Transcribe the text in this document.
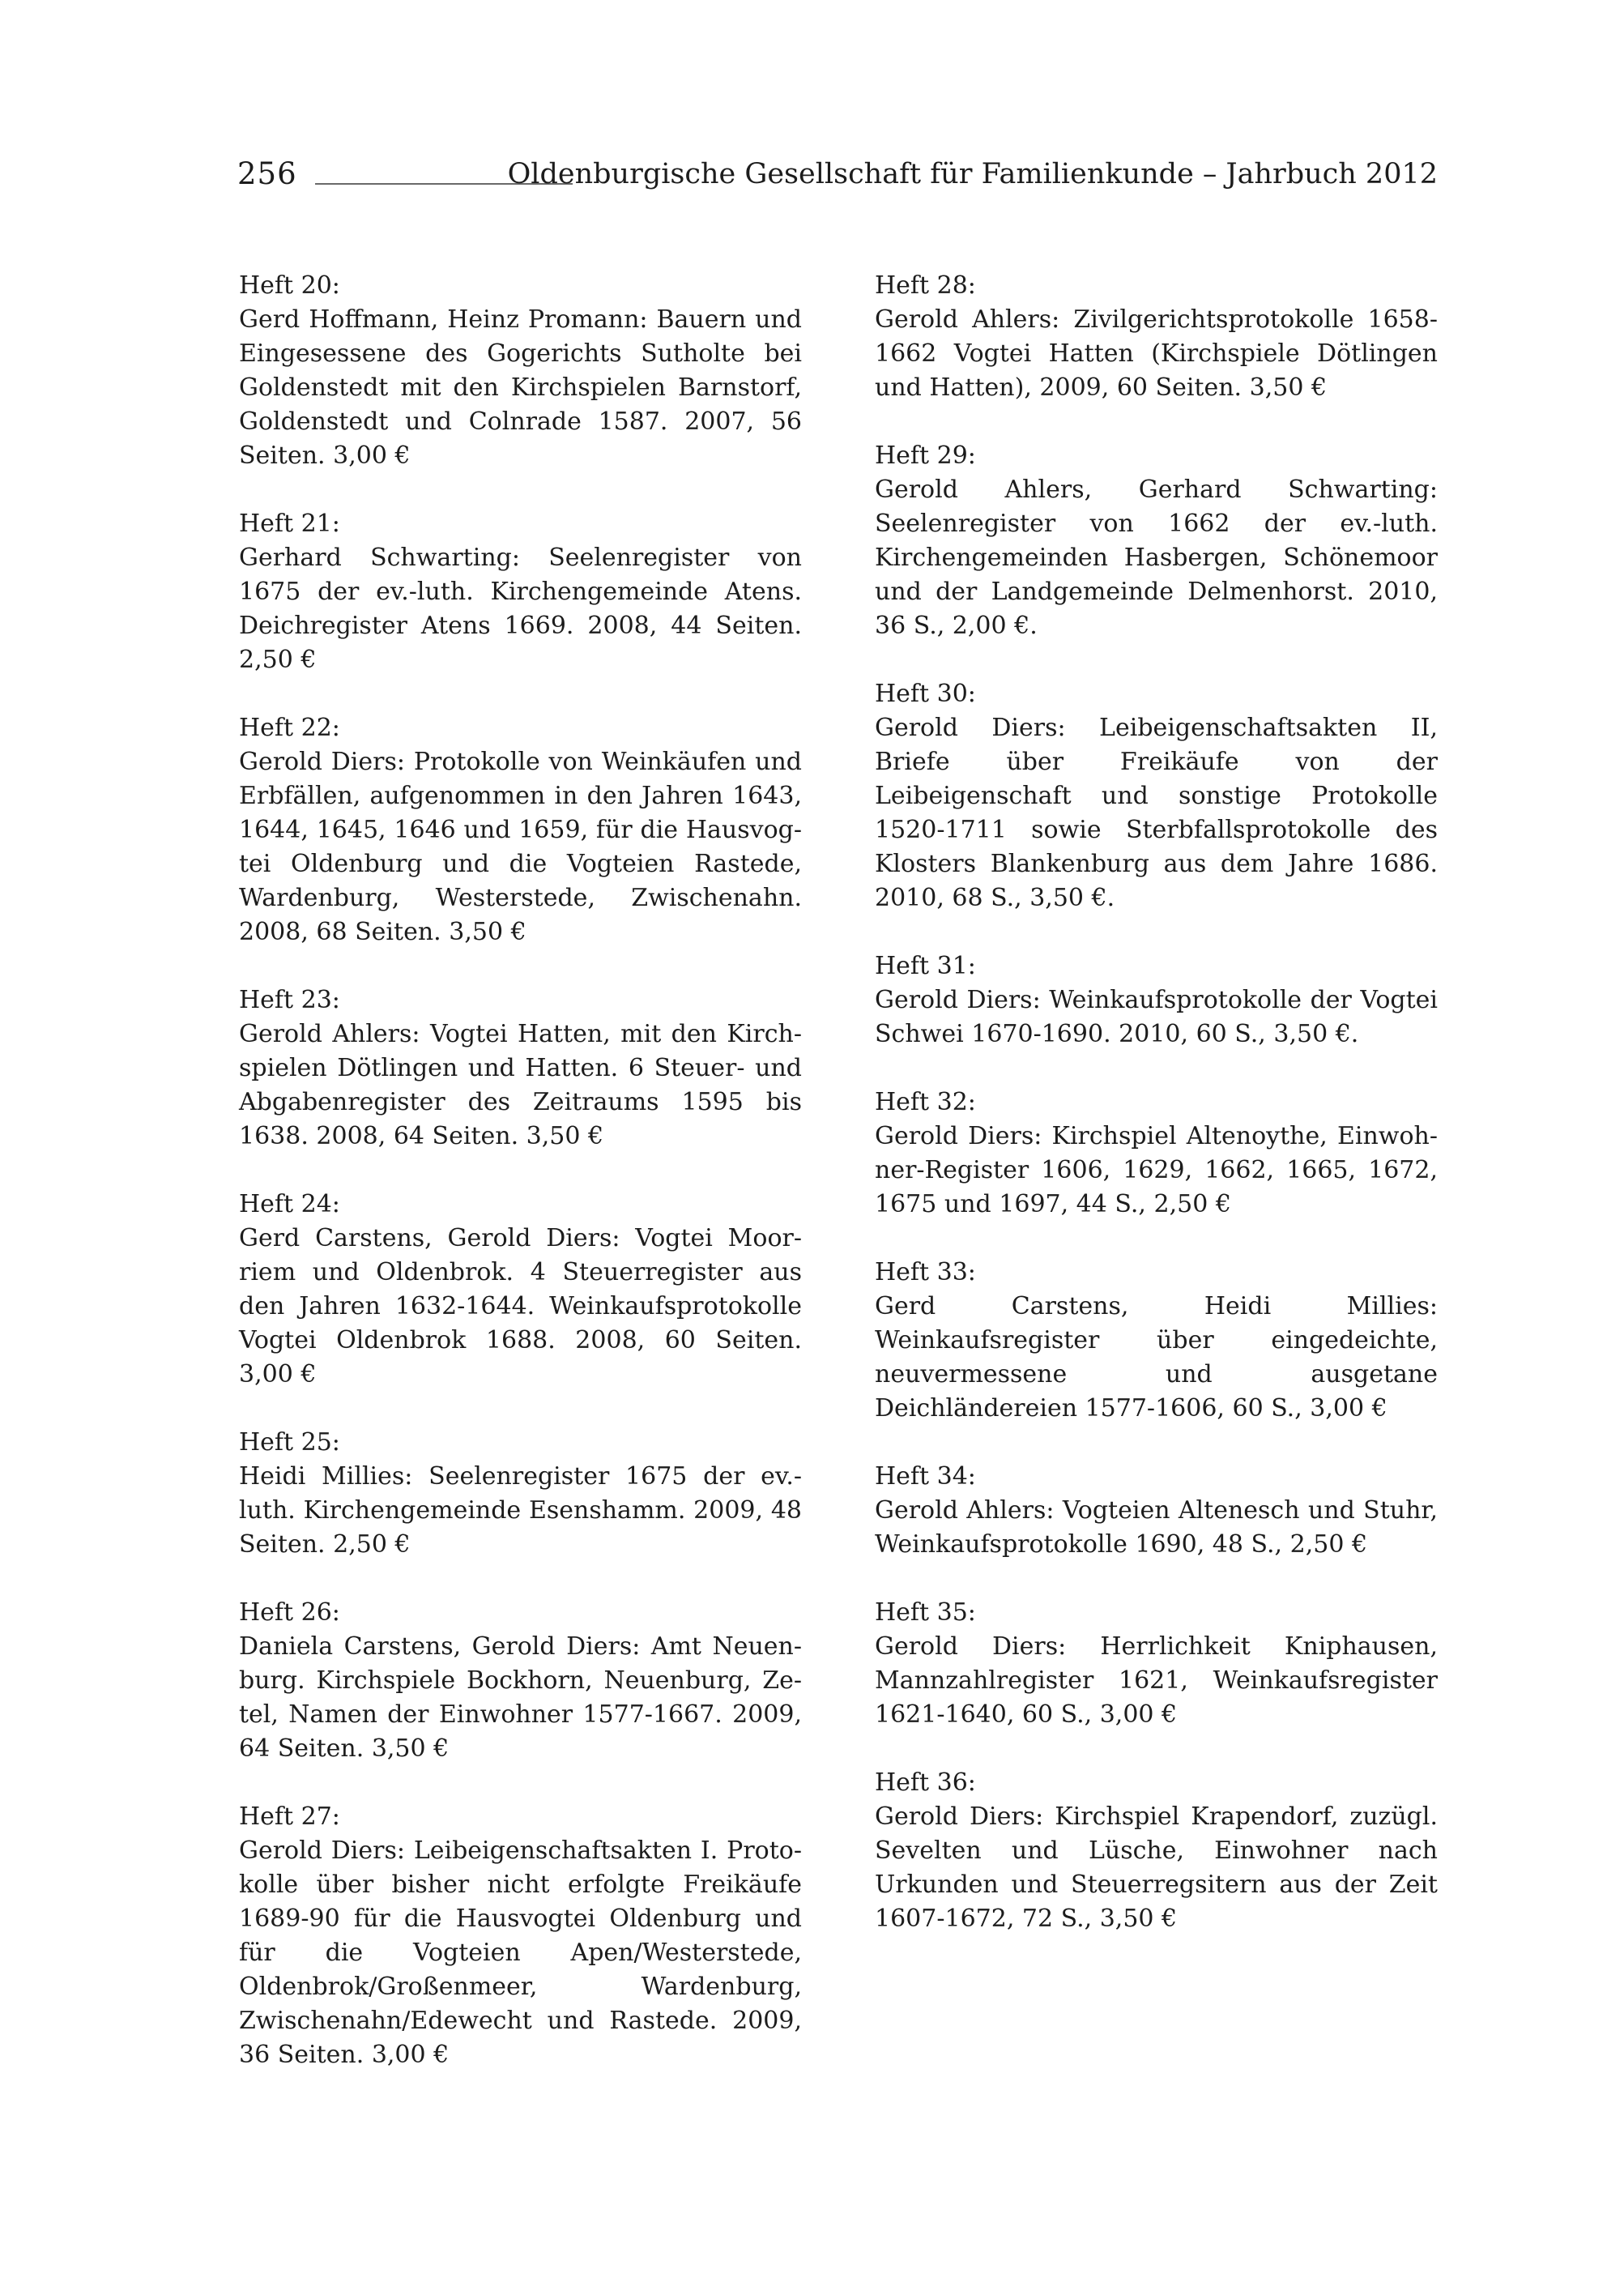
256	Oldenburgische Gesellschaft für Familienkunde – Jahrbuch 2012
Heft 20:
Gerd Hoffmann, Heinz Promann: Bauern und Eingesessene des Gogerichts Sutholte bei Goldenstedt mit den Kirchspielen Barnstorf, Goldenstedt und Colnrade 1587. 2007, 56 Seiten. 3,00 €
Heft 21:
Gerhard Schwarting: Seelenregister von 1675 der ev.-luth. Kirchengemeinde Atens. Deichregister Atens 1669. 2008, 44 Seiten. 2,50 €
Heft 22:
Gerold Diers: Protokolle von Weinkäufen und Erbfällen, aufgenommen in den Jahren 1643, 1644, 1645, 1646 und 1659, für die Hausvogtei Oldenburg und die Vogteien Rastede, Wardenburg, Westerstede, Zwischenahn. 2008, 68 Seiten. 3,50 €
Heft 23:
Gerold Ahlers: Vogtei Hatten, mit den Kirchspielen Dötlingen und Hatten. 6 Steuer- und Abgabenregister des Zeitraums 1595 bis 1638. 2008, 64 Seiten. 3,50 €
Heft 24:
Gerd Carstens, Gerold Diers: Vogtei Moorriem und Oldenbrok. 4 Steuerregister aus den Jahren 1632-1644. Weinkaufsprotokolle Vogtei Oldenbrok 1688. 2008, 60 Seiten. 3,00 €
Heft 25:
Heidi Millies: Seelenregister 1675 der ev.-luth. Kirchengemeinde Esenshamm. 2009, 48 Seiten. 2,50 €
Heft 26:
Daniela Carstens, Gerold Diers: Amt Neuenburg. Kirchspiele Bockhorn, Neuenburg, Zetel, Namen der Einwohner 1577-1667. 2009, 64 Seiten. 3,50 €
Heft 27:
Gerold Diers: Leibeigenschaftsakten I. Protokolle über bisher nicht erfolgte Freikäufe 1689-90 für die Hausvogtei Oldenburg und für die Vogteien Apen/Westerstede, Oldenbrok/Großenmeer, Wardenburg, Zwischenahn/Edewecht und Rastede. 2009, 36 Seiten. 3,00 €
Heft 28:
Gerold Ahlers: Zivilgerichtsprotokolle 1658-1662 Vogtei Hatten (Kirchspiele Dötlingen und Hatten), 2009, 60 Seiten. 3,50 €
Heft 29:
Gerold Ahlers, Gerhard Schwarting: Seelenregister von 1662 der ev.-luth. Kirchengemeinden Hasbergen, Schönemoor und der Landgemeinde Delmenhorst. 2010, 36 S., 2,00 €.
Heft 30:
Gerold Diers: Leibeigenschaftsakten II, Briefe über Freikäufe von der Leibeigenschaft und sonstige Protokolle 1520-1711 sowie Sterbfallsprotokolle des Klosters Blankenburg aus dem Jahre 1686. 2010, 68 S., 3,50 €.
Heft 31:
Gerold Diers: Weinkaufsprotokolle der Vogtei Schwei 1670-1690. 2010, 60 S., 3,50 €.
Heft 32:
Gerold Diers: Kirchspiel Altenoythe, Einwohner-Register 1606, 1629, 1662, 1665, 1672, 1675 und 1697, 44 S., 2,50 €
Heft 33:
Gerd Carstens, Heidi Millies: Weinkaufsregister über eingedeichte, neuvermessene und ausgetane Deichländereien 1577-1606, 60 S., 3,00 €
Heft 34:
Gerold Ahlers: Vogteien Altenesch und Stuhr, Weinkaufsprotokolle 1690, 48 S., 2,50 €
Heft 35:
Gerold Diers: Herrlichkeit Kniphausen, Mannzahlregister 1621, Weinkaufsregister 1621-1640, 60 S., 3,00 €
Heft 36:
Gerold Diers: Kirchspiel Krapendorf, zuzügl. Sevelten und Lüsche, Einwohner nach Urkunden und Steuerregsitern aus der Zeit 1607-1672, 72 S., 3,50 €
